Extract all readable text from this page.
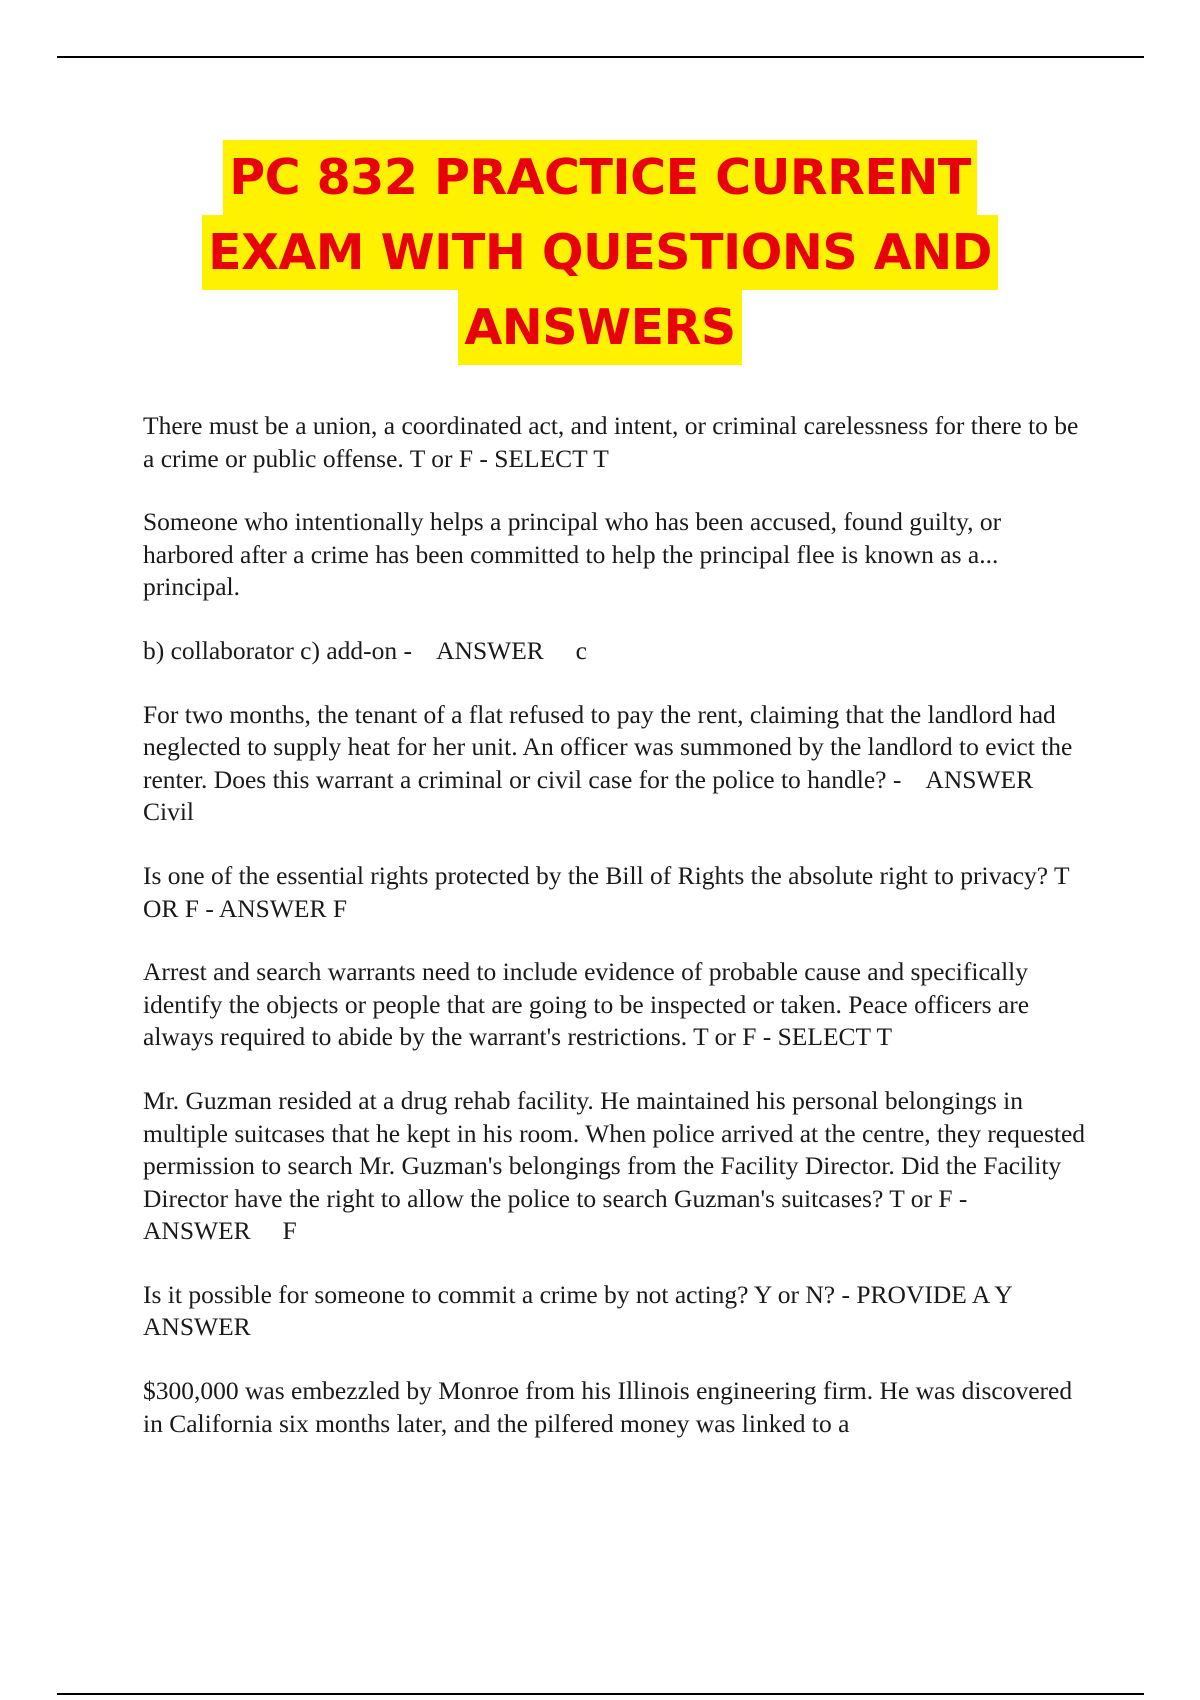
PC 832 PRACTICE CURRENT
EXAM WITH QUESTIONS AND
ANSWERS

There must be a union, a coordinated act, and intent, or criminal carelessness for there to be a crime or public offense. T or F - SELECT T

Someone who intentionally helps a principal who has been accused, found guilty, or harbored after a crime has been committed to help the principal flee is known as a... principal.

b) collaborator c) add-on -    ANSWER     c

For two months, the tenant of a flat refused to pay the rent, claiming that the landlord had neglected to supply heat for her unit. An officer was summoned by the landlord to evict the renter. Does this warrant a criminal or civil case for the police to handle? -    ANSWER     Civil

Is one of the essential rights protected by the Bill of Rights the absolute right to privacy? T OR F - ANSWER F

Arrest and search warrants need to include evidence of probable cause and specifically identify the objects or people that are going to be inspected or taken. Peace officers are always required to abide by the warrant's restrictions. T or F - SELECT T

Mr. Guzman resided at a drug rehab facility. He maintained his personal belongings in multiple suitcases that he kept in his room. When police arrived at the centre, they requested permission to search Mr. Guzman's belongings from the Facility Director. Did the Facility Director have the right to allow the police to search Guzman's suitcases? T or F -    ANSWER     F

Is it possible for someone to commit a crime by not acting? Y or N? - PROVIDE A Y   ANSWER

$300,000 was embezzled by Monroe from his Illinois engineering firm. He was discovered in California six months later, and the pilfered money was linked to a
